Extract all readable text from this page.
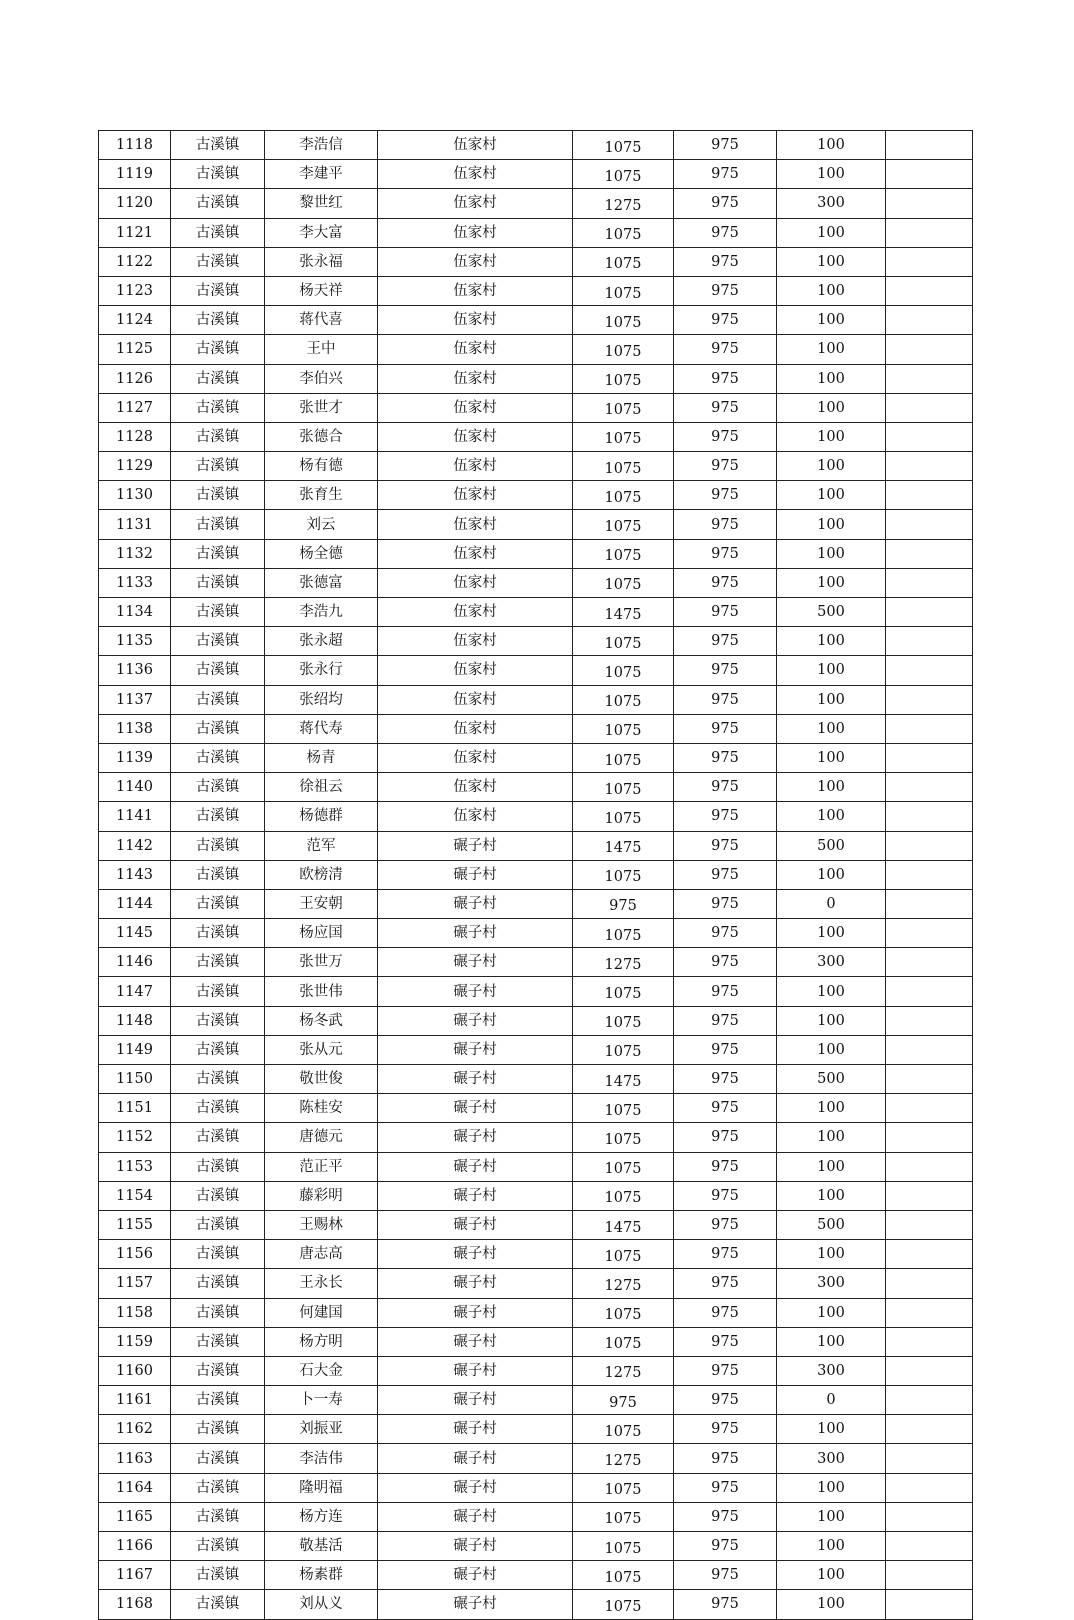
1118	古溪镇	李浩信	伍家村	1075	975	100	
1119	古溪镇	李建平	伍家村	1075	975	100	
1120	古溪镇	黎世红	伍家村	1275	975	300	
1121	古溪镇	李大富	伍家村	1075	975	100	
1122	古溪镇	张永福	伍家村	1075	975	100	
1123	古溪镇	杨天祥	伍家村	1075	975	100	
1124	古溪镇	蒋代喜	伍家村	1075	975	100	
1125	古溪镇	王中	伍家村	1075	975	100	
1126	古溪镇	李伯兴	伍家村	1075	975	100	
1127	古溪镇	张世才	伍家村	1075	975	100	
1128	古溪镇	张德合	伍家村	1075	975	100	
1129	古溪镇	杨有德	伍家村	1075	975	100	
1130	古溪镇	张育生	伍家村	1075	975	100	
1131	古溪镇	刘云	伍家村	1075	975	100	
1132	古溪镇	杨全德	伍家村	1075	975	100	
1133	古溪镇	张德富	伍家村	1075	975	100	
1134	古溪镇	李浩九	伍家村	1475	975	500	
1135	古溪镇	张永超	伍家村	1075	975	100	
1136	古溪镇	张永行	伍家村	1075	975	100	
1137	古溪镇	张绍均	伍家村	1075	975	100	
1138	古溪镇	蒋代寿	伍家村	1075	975	100	
1139	古溪镇	杨青	伍家村	1075	975	100	
1140	古溪镇	徐祖云	伍家村	1075	975	100	
1141	古溪镇	杨德群	伍家村	1075	975	100	
1142	古溪镇	范军	碾子村	1475	975	500	
1143	古溪镇	欧榜清	碾子村	1075	975	100	
1144	古溪镇	王安朝	碾子村	975	975	0	
1145	古溪镇	杨应国	碾子村	1075	975	100	
1146	古溪镇	张世万	碾子村	1275	975	300	
1147	古溪镇	张世伟	碾子村	1075	975	100	
1148	古溪镇	杨冬武	碾子村	1075	975	100	
1149	古溪镇	张从元	碾子村	1075	975	100	
1150	古溪镇	敬世俊	碾子村	1475	975	500	
1151	古溪镇	陈桂安	碾子村	1075	975	100	
1152	古溪镇	唐德元	碾子村	1075	975	100	
1153	古溪镇	范正平	碾子村	1075	975	100	
1154	古溪镇	藤彩明	碾子村	1075	975	100	
1155	古溪镇	王赐林	碾子村	1475	975	500	
1156	古溪镇	唐志高	碾子村	1075	975	100	
1157	古溪镇	王永长	碾子村	1275	975	300	
1158	古溪镇	何建国	碾子村	1075	975	100	
1159	古溪镇	杨方明	碾子村	1075	975	100	
1160	古溪镇	石大金	碾子村	1275	975	300	
1161	古溪镇	卜一寿	碾子村	975	975	0	
1162	古溪镇	刘振亚	碾子村	1075	975	100	
1163	古溪镇	李洁伟	碾子村	1275	975	300	
1164	古溪镇	隆明福	碾子村	1075	975	100	
1165	古溪镇	杨方连	碾子村	1075	975	100	
1166	古溪镇	敬基活	碾子村	1075	975	100	
1167	古溪镇	杨素群	碾子村	1075	975	100	
1168	古溪镇	刘从义	碾子村	1075	975	100	
